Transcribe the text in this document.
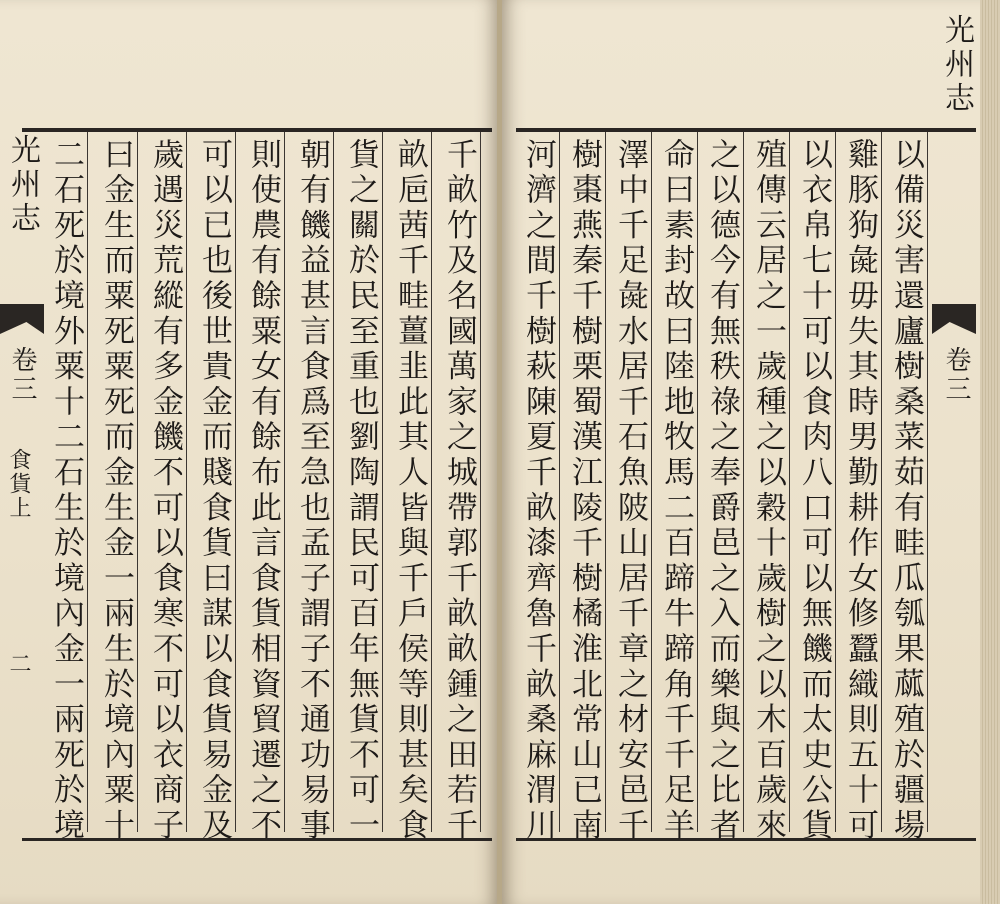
光州志
卷三
食貨上
二 二石死於境外粟十二石生於境內金一兩死於境 曰金生而粟死粟死而金生金一兩生於境內粟十 歲遇災荒縱有多金饑不可以食寒不可以衣商子 可以已也後世貴金而賤食貨曰謀以食貨易金及 則使農有餘粟女有餘布此言食貨相資貿遷之不 朝有饑益甚言食爲至急也孟子謂子不通功易事 貨之關於民至重也劉陶謂民可百年無貨不可一 畝巵茜千畦薑韭此其人皆與千戶侯等則甚矣食 千畝竹及名國萬家之城帶郭千畝畝鍾之田若千 河濟之間千樹萩陳夏千畝漆齊魯千畝桑麻渭川 樹棗燕秦千樹栗蜀漢江陵千樹橘淮北常山已南 澤中千足彘水居千石魚陂山居千章之材安邑千 命曰素封故曰陸地牧馬二百蹄牛蹄角千千足羊 之以德今有無秩祿之奉爵邑之入而樂與之比者 殖傳云居之一歲種之以穀十歲樹之以木百歲來 以衣帛七十可以食肉八口可以無饑而太史公貨 雞豚狗彘毋失其時男勤耕作女修蠶織則五十可 以備災害還廬樹桑菜茹有畦瓜瓠果蓏殖於疆場
光州志
卷三
